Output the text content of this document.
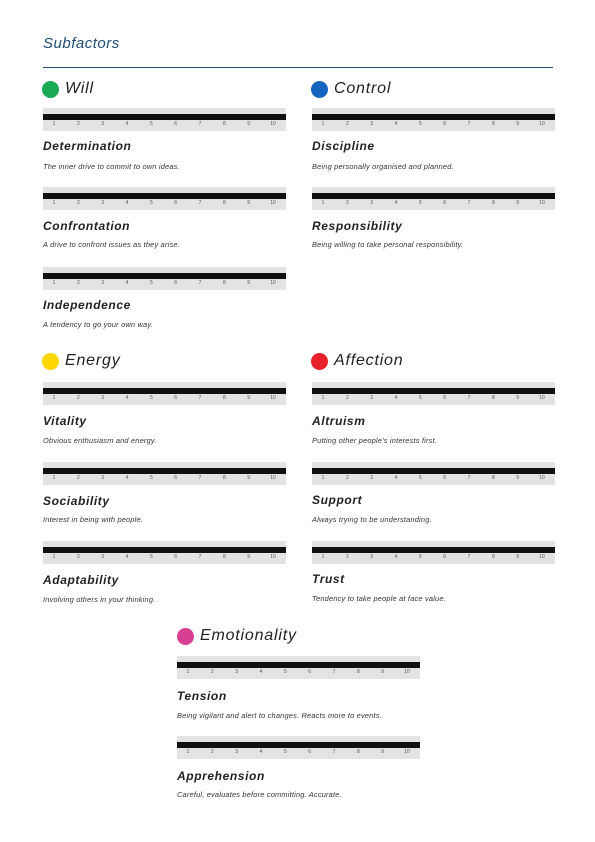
Subfactors
Will	Control
Energy	Affection
Emotionality
1	2	3	4	5	6	7	8	9	10	1	2	3	4	5	6	7	8	9	10
1	2	3	4	5	6	7	8	9	10	1	2	3	4	5	6	7	8	9	10
1	2	3	4	5	6	7	8	9	10
1	2	3	4	5	6	7	8	9	10	1	2	3	4	5	6	7	8	9	10
1	2	3	4	5	6	7	8	9	10	1	2	3	4	5	6	7	8	9	10
1	2	3	4	5	6	7	8	9	10	1	2	3	4	5	6	7	8	9	10
1	2	3	4	5	6	7	8	9	10
1	2	3	4	5	6	7	8	9	10
Determination
The inner drive to commit to own ideas.
Discipline
Being personally organised and planned.
Confrontation
A drive to confront issues as they arise.
Responsibility
Being willing to take personal responsibility.
Independence
A tendency to go your own way.
Vitality
Obvious enthusiasm and energy.
Altruism
Putting other people's interests first.
Sociability
Interest in being with people.
Support
Always trying to be understanding.
Adaptability
Involving others in your thinking.
Trust
Tendency to take people at face value.
Tension
Being vigilant and alert to changes. Reacts more to events.
Apprehension
Careful, evaluates before committing. Accurate.
